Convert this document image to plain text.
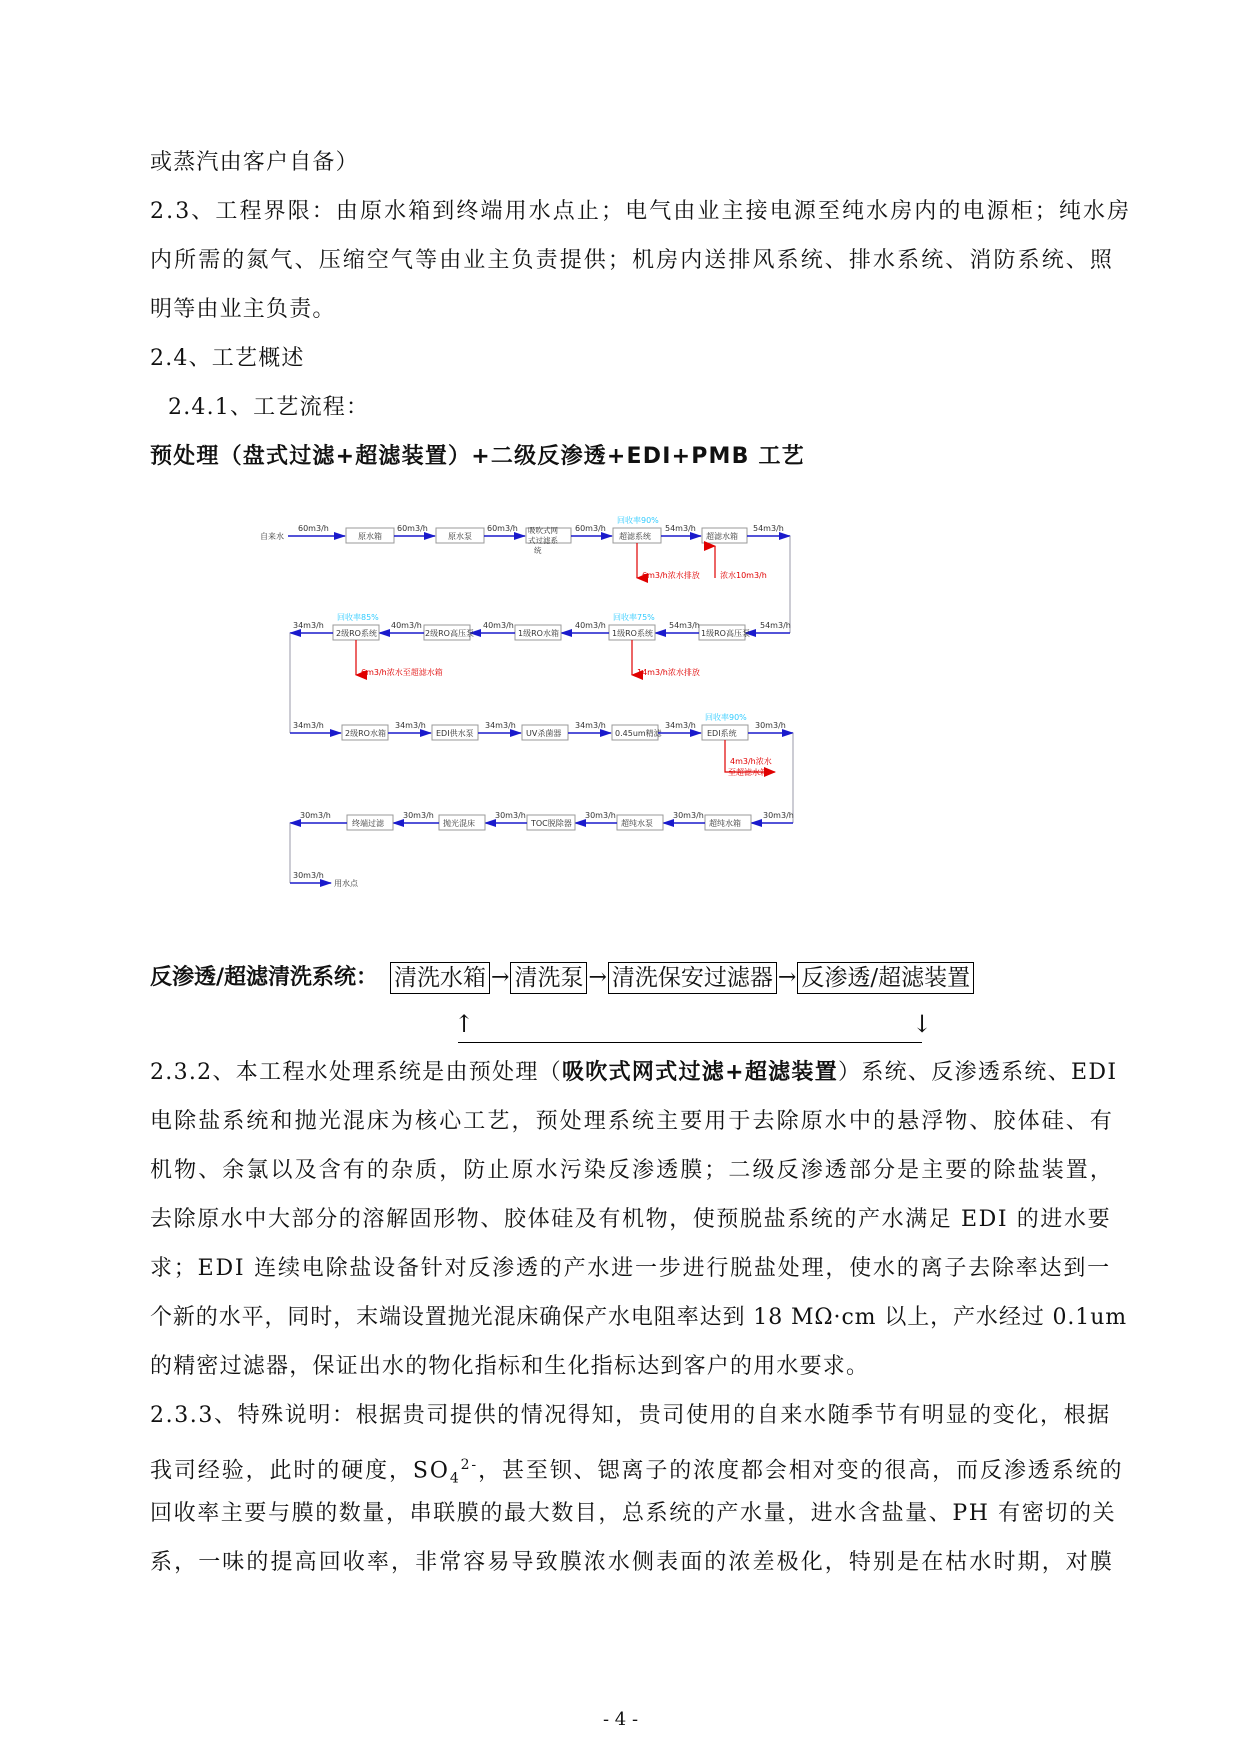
或蒸汽由客户自备）
2.3、工程界限：由原水箱到终端用水点止；电气由业主接电源至纯水房内的电源柜；纯水房
内所需的氮气、压缩空气等由业主负责提供；机房内送排风系统、排水系统、消防系统、照
明等由业主负责。
2.4、工艺概述
2.4.1、工艺流程：
预处理（盘式过滤+超滤装置）+二级反渗透+EDI+PMB 工艺
自来水
60m3/h
原水箱
60m3/h
原水泵
60m3/h 吸吹式网
式过滤系
统
60m3/h
超滤系统
回收率90%
54m3/h
超滤水箱
54m3/h
6m3/h浓水排放	浓水10m3/h
54m3/h
1级RO高压泵
54m3/h
1级RO系统
回收率75%
40m3/h
1级RO水箱
40m3/h
2级RO高压泵
40m3/h
2级RO系统
回收率85%
34m3/h
6m3/h浓水至超滤水箱	14m3/h浓水排放
34m3/h
2级RO水箱
34m3/h
EDI供水泵
34m3/h
UV杀菌器
34m3/h
0.45um精滤
34m3/h
EDI系统
回收率90%
30m3/h
4m3/h浓水
至超滤水箱
30m3/h
超纯水箱
30m3/h
超纯水泵
30m3/h
TOC脱除器
30m3/h
抛光混床
30m3/h
终端过滤
30m3/h
30m3/h
用水点
反渗透/超滤清洗系统： 清洗水箱 → 清洗泵 → 清洗保安过滤器 → 反渗透/超滤装置
↑	↓
2.3.2、本工程水处理系统是由预处理（吸吹式网式过滤+超滤装置）系统、反渗透系统、EDI
电除盐系统和抛光混床为核心工艺，预处理系统主要用于去除原水中的悬浮物、胶体硅、有
机物、余氯以及含有的杂质，防止原水污染反渗透膜；二级反渗透部分是主要的除盐装置，
去除原水中大部分的溶解固形物、胶体硅及有机物，使预脱盐系统的产水满足 EDI 的进水要
求；EDI 连续电除盐设备针对反渗透的产水进一步进行脱盐处理，使水的离子去除率达到一
个新的水平，同时，末端设置抛光混床确保产水电阻率达到 18 MΩ·cm 以上，产水经过 0.1um
的精密过滤器，保证出水的物化指标和生化指标达到客户的用水要求。
2.3.3、特殊说明：根据贵司提供的情况得知，贵司使用的自来水随季节有明显的变化，根据
我司经验，此时的硬度，$SO_4^{2-}$，甚至钡、锶离子的浓度都会相对变的很高，而反渗透系统的
回收率主要与膜的数量，串联膜的最大数目，总系统的产水量，进水含盐量、PH 有密切的关
系，一味的提高回收率，非常容易导致膜浓水侧表面的浓差极化，特别是在枯水时期，对膜
- 4 -
